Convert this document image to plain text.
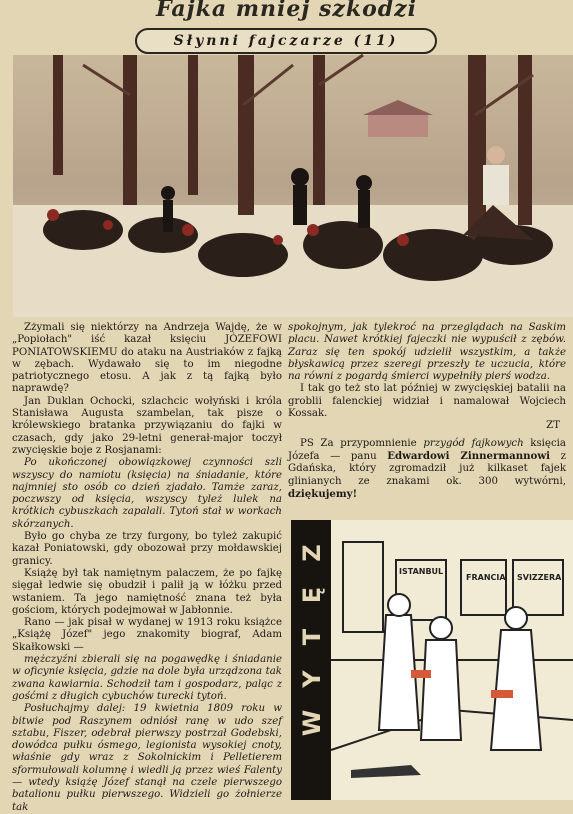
Fajka mniej szkodzi
Słynni fajczarze (11)

Zżymali się niektórzy na Andrzeja Wajdę, że w „Popiołach" iść kazał księciu JÓZEFOWI PONIATOWSKIEMU do ataku na Austriaków z fajką w zębach. Wydawało się to im niegodne patriotycznego etosu. A jak z tą fajką było naprawdę?

Jan Duklan Ochocki, szlachcic wołyński i króla Stanisława Augusta szambelan, tak pisze o królewskiego bratanka przywiązaniu do fajki w czasach, gdy jako 29-letni generał-major toczył zwycięskie boje z Rosjanami:

Po ukończonej obowiązkowej czynności szli wszyscy do namiotu (księcia) na śniadanie, które najmniej sto osób co dzień zjadało. Tamże zaraz, poczwszy od księcia, wszyscy tyleż lulek na krótkich cybuszkach zapalali. Tytoń stał w workach skórzanych.

Było go chyba ze trzy furgony, bo tyleż zakupić kazał Poniatowski, gdy obozował przy mołdawskiej granicy.

Książę był tak namiętnym palaczem, że po fajkę sięgał ledwie się obudził i palił ją w łóżku przed wstaniem. Ta jego namiętność znana też była gościom, których podejmował w Jabłonnie.

Rano — jak pisał w wydanej w 1913 roku książce „Książę Józef" jego znakomity biograf, Adam Skałkowski —

mężczyźni zbierali się na pogawędkę i śniadanie w oficynie księcia, gdzie na dole była urządzona tak zwana kawiarnia. Schodził tam i gospodarz, paląc z gośćmi z długich cybuchów turecki tytoń.

Posłuchajmy dalej: 19 kwietnia 1809 roku w bitwie pod Raszynem odniósł ranę w udo szef sztabu, Fiszer, odebrał pierwszy postrzał Godebski, dowódca pułku ósmego, legionista wysokiej cnoty, właśnie gdy wraz z Sokolnickim i Pelletierem sformułowali kolumnę i wiedli ją przez wieś Falenty — wtedy książę Józef stanął na czele pierwszego batalionu pułku pierwszego. Widzieli go żołnierze tak

spokojnym, jak tylekroć na przeglądach na Saskim placu. Nawet krótkiej fajeczki nie wypuścił z zębów. Zaraz się ten spokój udzielił wszystkim, a także błyskawicą przez szeregi przeszły te uczucia, które na równi z pogardą śmierci wypełniły pierś wodza.

I tak go też sto lat później w zwycięskiej batalii na groblii falenckiej widział i namalował Wojciech Kossak.

ZT

PS Za przypomnienie przygód fajkowych księcia Józefa — panu Edwardowi Zinnermannowi z Gdańska, który zgromadził już kilkaset fajek glinianych ze znakami ok. 300 wytwórni, dziękujemy!

ISTANBUL
FRANCIA SVIZZERA
Z
Ę
T
Y
W
